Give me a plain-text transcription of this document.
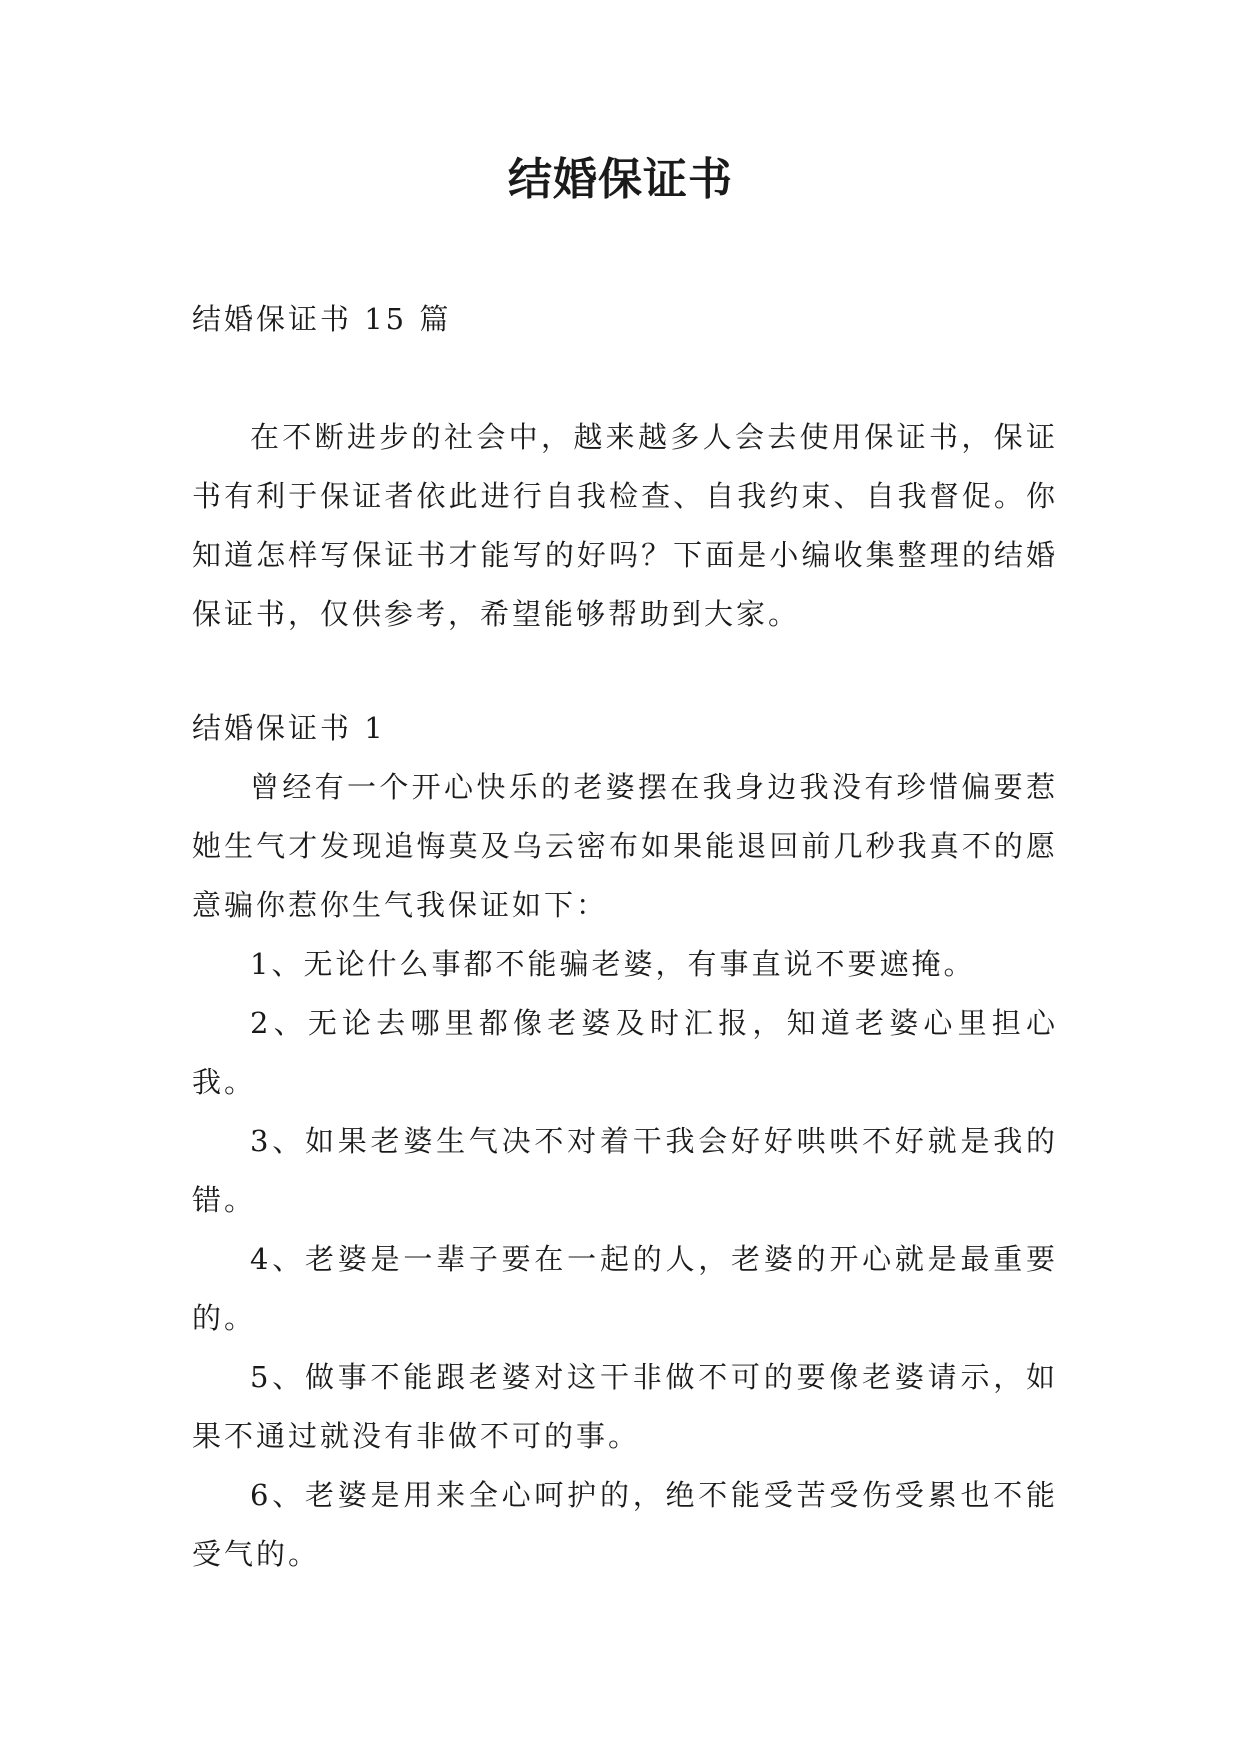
结婚保证书
结婚保证书 15 篇

在不断进步的社会中，越来越多人会去使用保证书，保证书有利于保证者依此进行自我检查、自我约束、自我督促。你知道怎样写保证书才能写的好吗？下面是小编收集整理的结婚保证书，仅供参考，希望能够帮助到大家。

结婚保证书 1

曾经有一个开心快乐的老婆摆在我身边我没有珍惜偏要惹她生气才发现追悔莫及乌云密布如果能退回前几秒我真不的愿意骗你惹你生气我保证如下：

1、无论什么事都不能骗老婆，有事直说不要遮掩。

2、无论去哪里都像老婆及时汇报，知道老婆心里担心我。

3、如果老婆生气决不对着干我会好好哄哄不好就是我的错。

4、老婆是一辈子要在一起的人，老婆的开心就是最重要的。

5、做事不能跟老婆对这干非做不可的要像老婆请示，如果不通过就没有非做不可的事。

6、老婆是用来全心呵护的，绝不能受苦受伤受累也不能受气的。
